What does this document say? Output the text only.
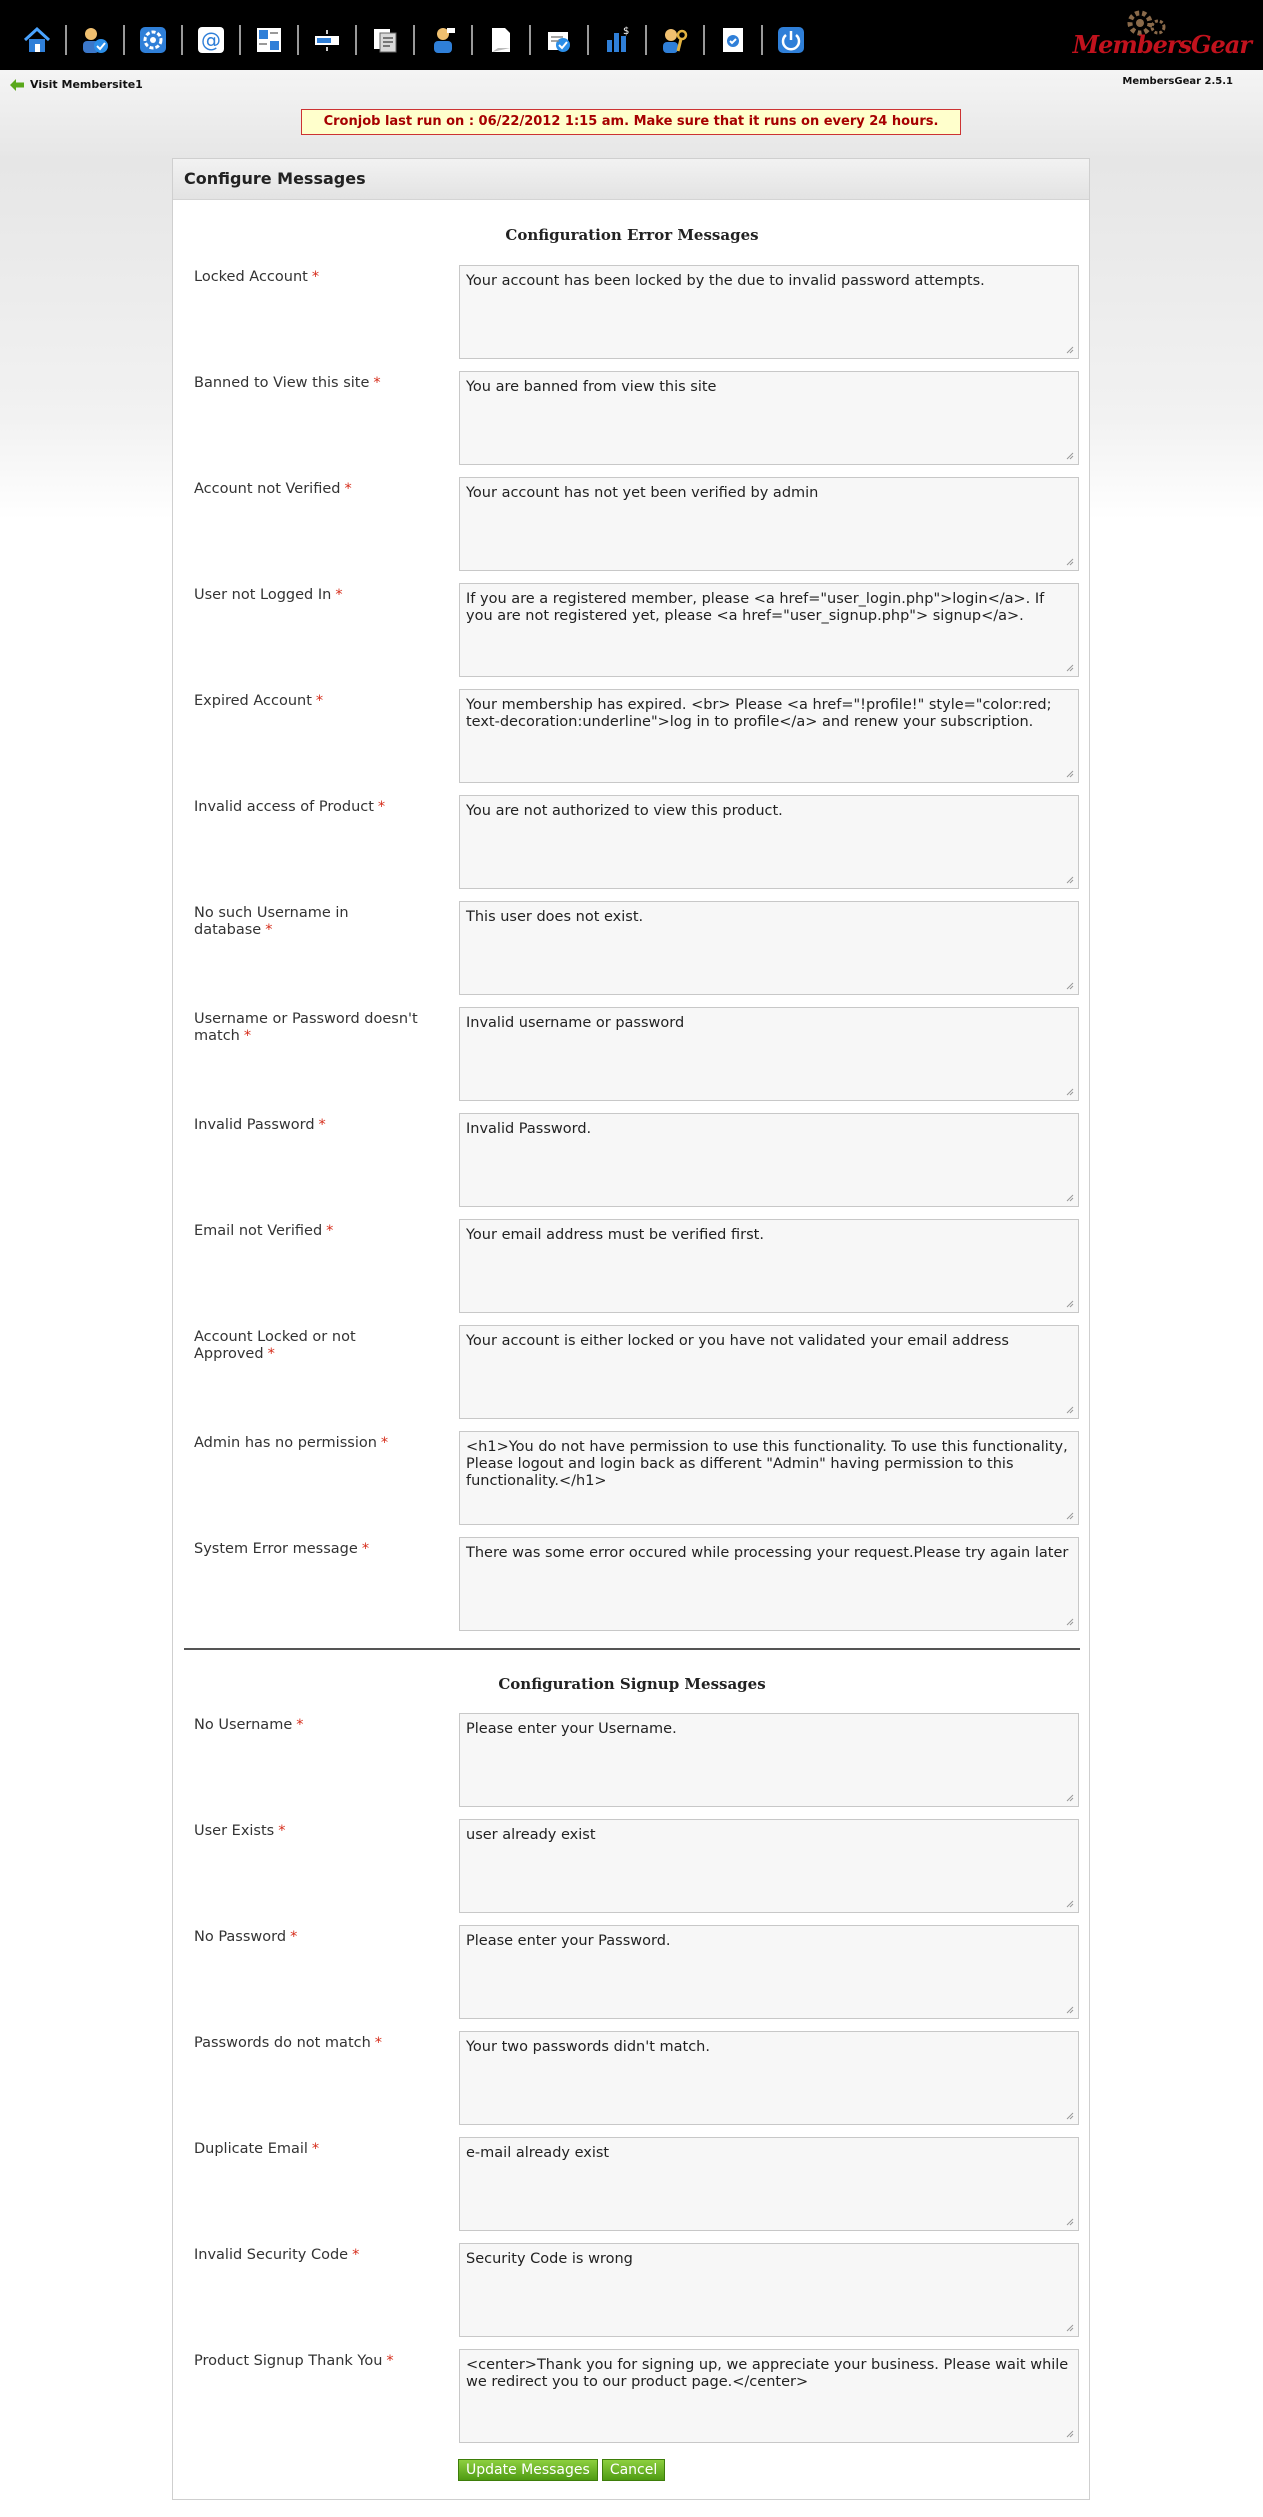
@	$	MembersGear
Visit Membersite1	MembersGear 2.5.1
Cronjob last run on : 06/22/2012 1:15 am. Make sure that it runs on every 24 hours.
Configure Messages
Configuration Error Messages
Locked Account *
Your account has been locked by the due to invalid password attempts.
Banned to View this site *
You are banned from view this site
Account not Verified *
Your account has not yet been verified by admin
User not Logged In *
If you are a registered member, please <a href="user_login.php">login</a>. If you are not registered yet, please <a href="user_signup.php"> signup</a>.
Expired Account *
Your membership has expired. <br> Please <a href="!profile!" style="color:red; text-decoration:underline">log in to profile</a> and renew your subscription.
Invalid access of Product *
You are not authorized to view this product.
No such Username in database *
This user does not exist.
Username or Password doesn't match *
Invalid username or password
Invalid Password *
Invalid Password.
Email not Verified *
Your email address must be verified first.
Account Locked or not Approved *
Your account is either locked or you have not validated your email address
Admin has no permission *
<h1>You do not have permission to use this functionality. To use this functionality, Please logout and login back as different "Admin" having permission to this functionality.</h1>
System Error message *
There was some error occured while processing your request.Please try again later
Configuration Signup Messages
No Username *
Please enter your Username.
User Exists *
user already exist
No Password *
Please enter your Password.
Passwords do not match *
Your two passwords didn't match.
Duplicate Email *
e-mail already exist
Invalid Security Code *
Security Code is wrong
Product Signup Thank You *
<center>Thank you for signing up, we appreciate your business. Please wait while we redirect you to our product page.</center>
Update Messages	Cancel
